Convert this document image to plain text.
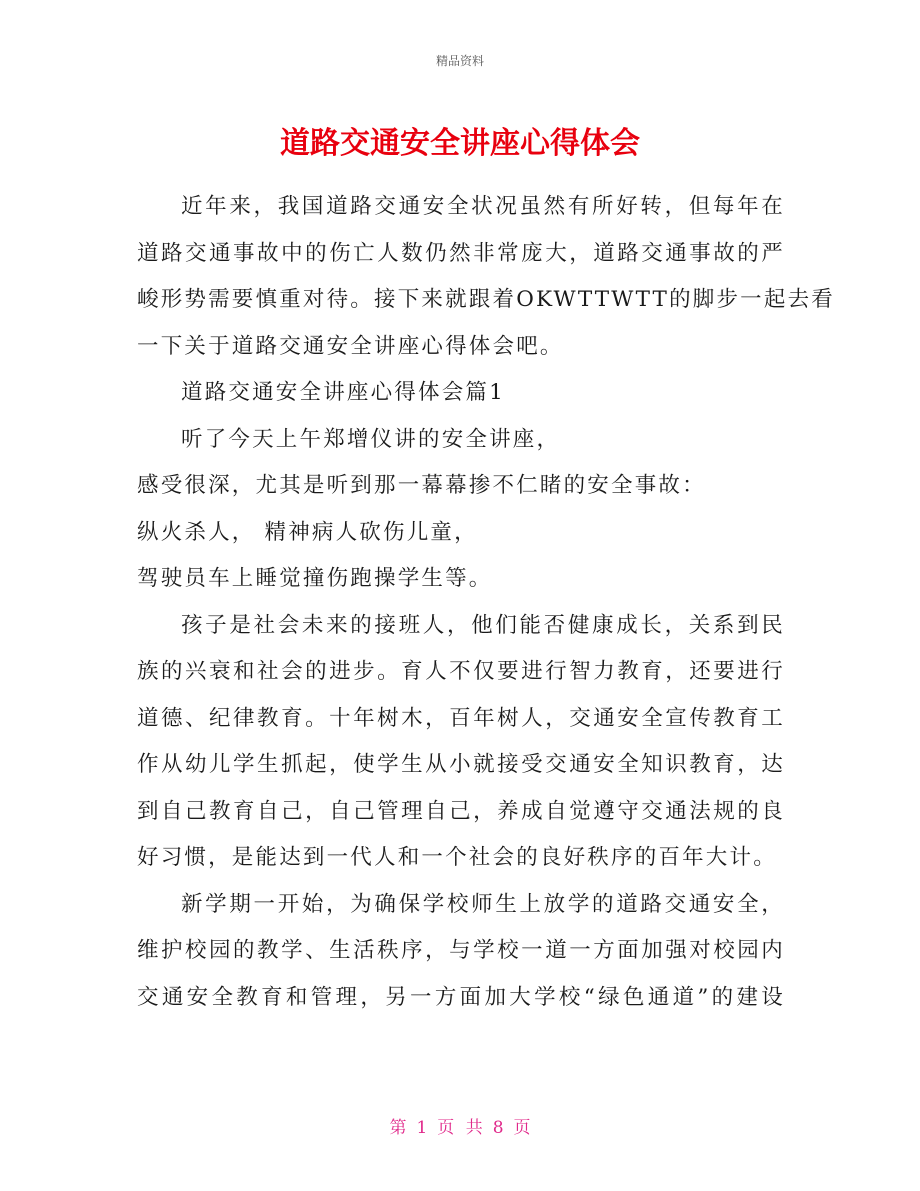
精品资料
道路交通安全讲座心得体会
近年来，我国道路交通安全状况虽然有所好转，但每年在
道路交通事故中的伤亡人数仍然非常庞大，道路交通事故的严
峻形势需要慎重对待。接下来就跟着OKWTTWTT的脚步一起去看
一下关于道路交通安全讲座心得体会吧。
道路交通安全讲座心得体会篇1
听了今天上午郑增仪讲的安全讲座，
感受很深，尤其是听到那一幕幕掺不仁睹的安全事故：
纵火杀人， 精神病人砍伤儿童，
驾驶员车上睡觉撞伤跑操学生等。
孩子是社会未来的接班人，他们能否健康成长，关系到民
族的兴衰和社会的进步。育人不仅要进行智力教育，还要进行
道德、纪律教育。十年树木，百年树人，交通安全宣传教育工
作从幼儿学生抓起，使学生从小就接受交通安全知识教育，达
到自己教育自己，自己管理自己，养成自觉遵守交通法规的良
好习惯，是能达到一代人和一个社会的良好秩序的百年大计。
新学期一开始，为确保学校师生上放学的道路交通安全，
维护校园的教学、生活秩序，与学校一道一方面加强对校园内
交通安全教育和管理，另一方面加大学校“绿色通道”的建设
第 1 页 共 8 页
